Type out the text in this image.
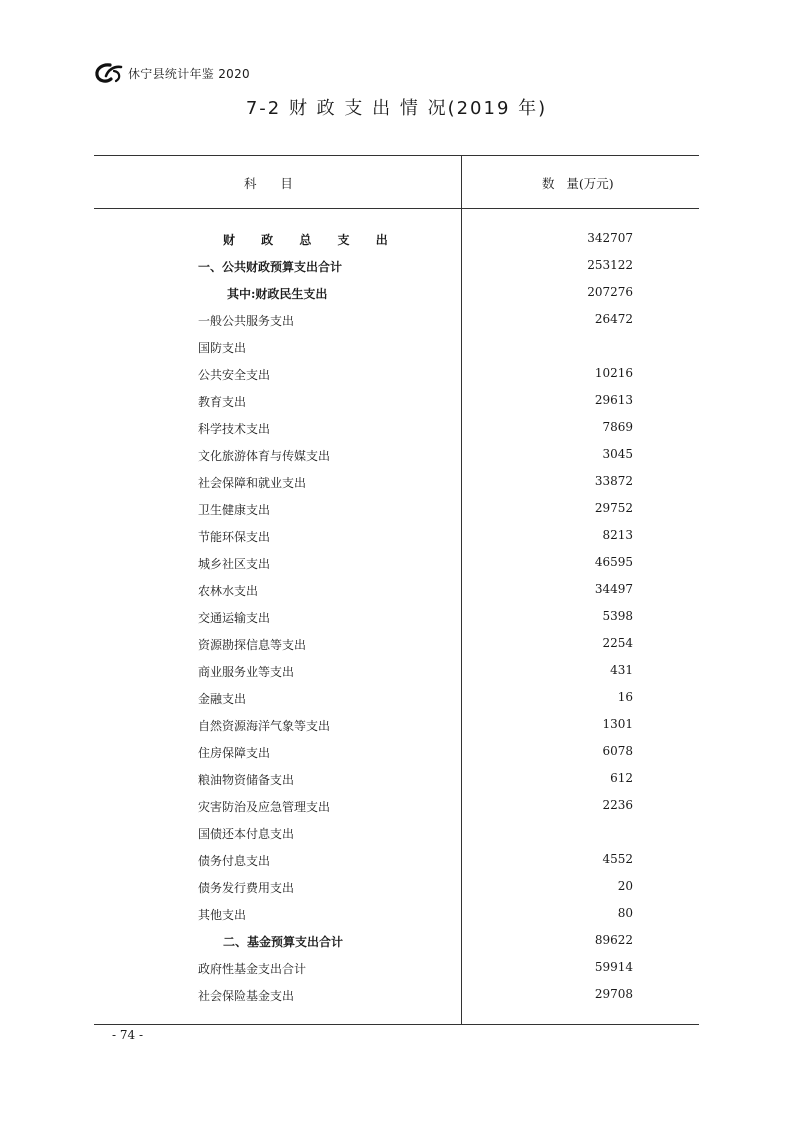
休宁县统计年鉴 2020
7-2 财 政 支 出 情 况(2019 年)
科      目	数   量(万元)
财 政 总 支 出	342707
一、公共财政预算支出合计	253122
其中:财政民生支出	207276
一般公共服务支出	26472
国防支出
公共安全支出	10216
教育支出	29613
科学技术支出	7869
文化旅游体育与传媒支出	3045
社会保障和就业支出	33872
卫生健康支出	29752
节能环保支出	8213
城乡社区支出	46595
农林水支出	34497
交通运输支出	5398
资源勘探信息等支出	2254
商业服务业等支出	431
金融支出	16
自然资源海洋气象等支出	1301
住房保障支出	6078
粮油物资储备支出	612
灾害防治及应急管理支出	2236
国债还本付息支出
债务付息支出	4552
债务发行费用支出	20
其他支出	80
二、基金预算支出合计	89622
政府性基金支出合计	59914
社会保险基金支出	29708
- 74 -
